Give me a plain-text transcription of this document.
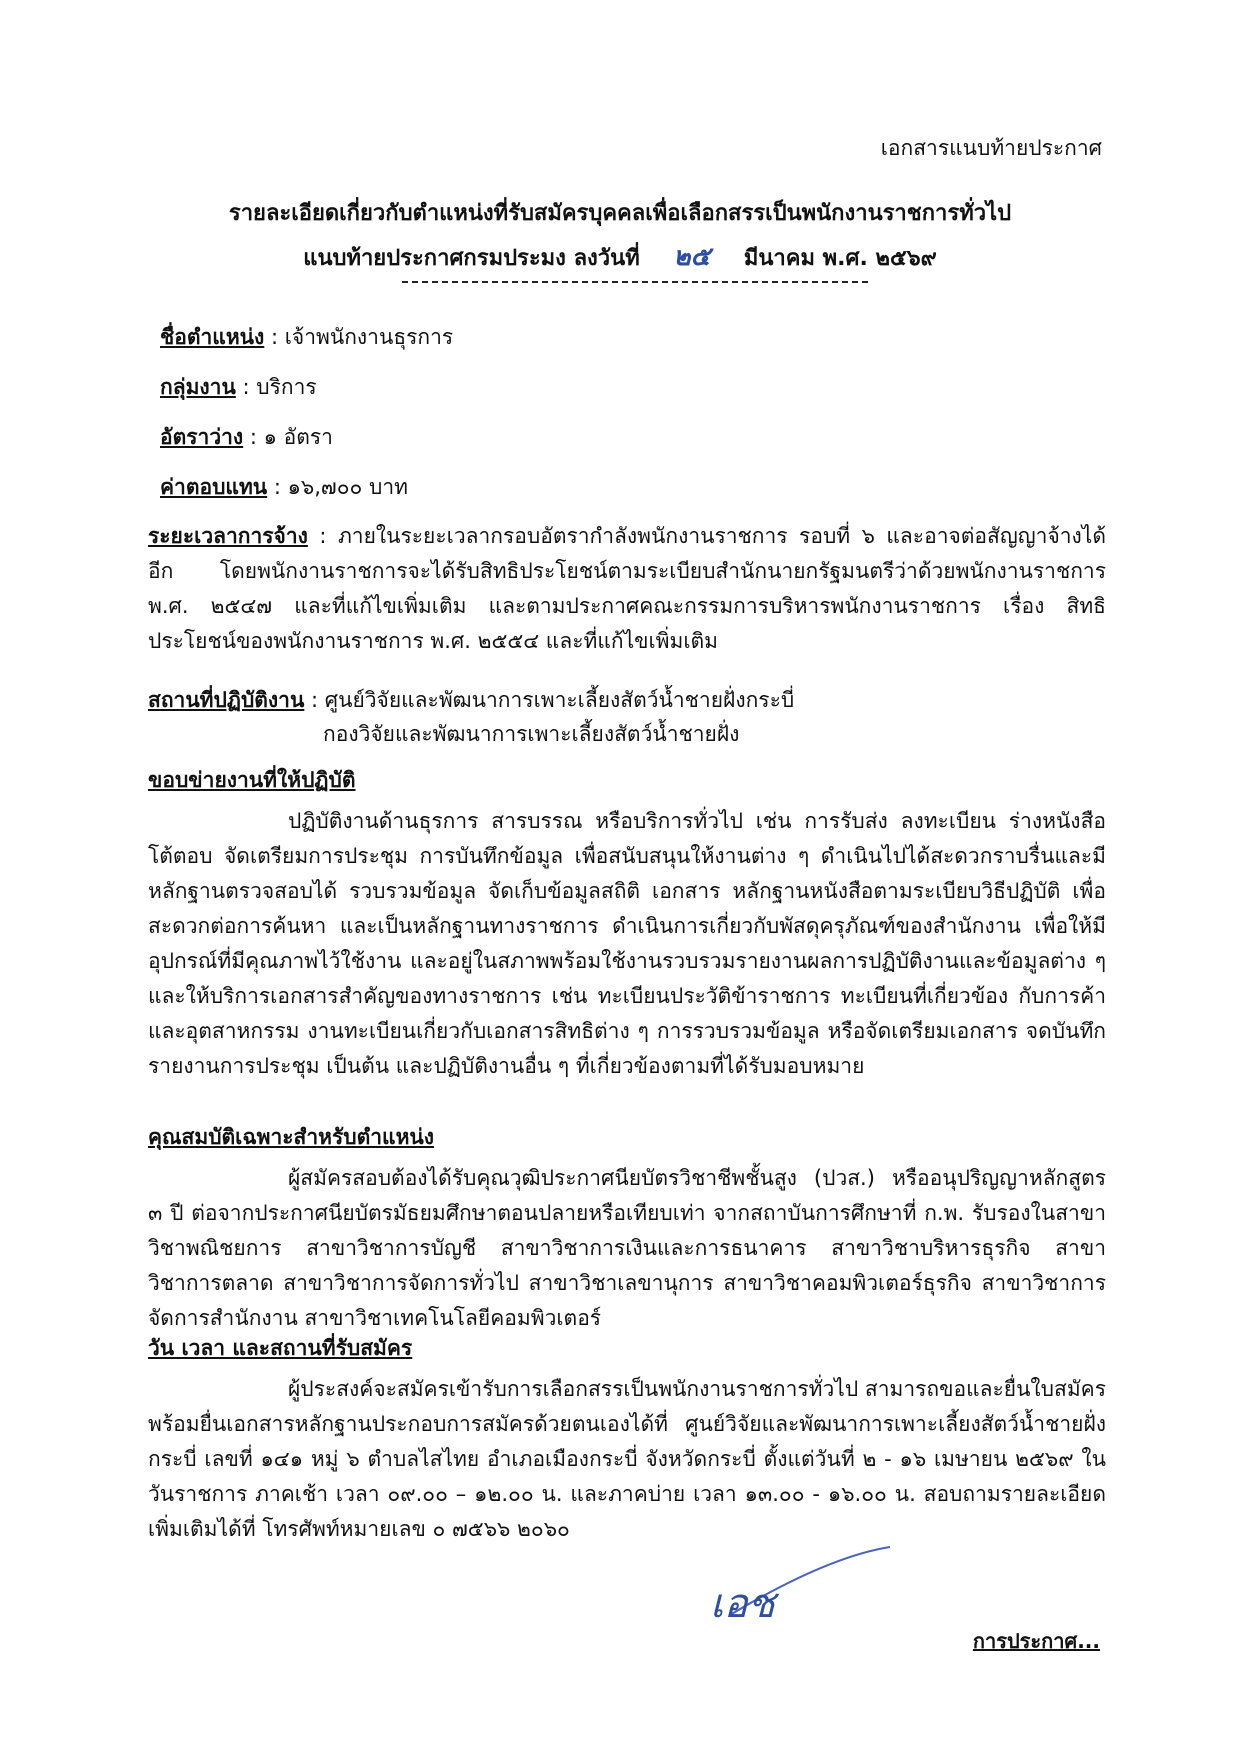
เอกสารแนบท้ายประกาศ
รายละเอียดเกี่ยวกับตำแหน่งที่รับสมัครบุคคลเพื่อเลือกสรรเป็นพนักงานราชการทั่วไป
แนบท้ายประกาศกรมประมง ลงวันที่ ๒๕ มีนาคม พ.ศ. ๒๕๖๙
ชื่อตำแหน่ง : เจ้าพนักงานธุรการ
กลุ่มงาน : บริการ
อัตราว่าง : ๑ อัตรา
ค่าตอบแทน : ๑๖,๗๐๐ บาท
ระยะเวลาการจ้าง : ภายในระยะเวลากรอบอัตรากำลังพนักงานราชการ รอบที่ ๖ และอาจต่อสัญญาจ้างได้อีก โดยพนักงานราชการจะได้รับสิทธิประโยชน์ตามระเบียบสำนักนายกรัฐมนตรีว่าด้วยพนักงานราชการ พ.ศ. ๒๕๔๗ และที่แก้ไขเพิ่มเติม และตามประกาศคณะกรรมการบริหารพนักงานราชการ เรื่อง สิทธิประโยชน์ของพนักงานราชการ พ.ศ. ๒๕๕๔ และที่แก้ไขเพิ่มเติม
สถานที่ปฏิบัติงาน : ศูนย์วิจัยและพัฒนาการเพาะเลี้ยงสัตว์น้ำชายฝั่งกระบี่
กองวิจัยและพัฒนาการเพาะเลี้ยงสัตว์น้ำชายฝั่ง
ขอบข่ายงานที่ให้ปฏิบัติ
ปฏิบัติงานด้านธุรการ สารบรรณ หรือบริการทั่วไป เช่น การรับส่ง ลงทะเบียน ร่างหนังสือโต้ตอบ จัดเตรียมการประชุม การบันทึกข้อมูล เพื่อสนับสนุนให้งานต่าง ๆ ดำเนินไปได้สะดวกราบรื่นและมีหลักฐานตรวจสอบได้ รวบรวมข้อมูล จัดเก็บข้อมูลสถิติ เอกสาร หลักฐานหนังสือตามระเบียบวิธีปฏิบัติ เพื่อสะดวกต่อการค้นหา และเป็นหลักฐานทางราชการ ดำเนินการเกี่ยวกับพัสดุครุภัณฑ์ของสำนักงาน เพื่อให้มีอุปกรณ์ที่มีคุณภาพไว้ใช้งาน และอยู่ในสภาพพร้อมใช้งานรวบรวมรายงานผลการปฏิบัติงานและข้อมูลต่าง ๆ และให้บริการเอกสารสำคัญของทางราชการ เช่น ทะเบียนประวัติข้าราชการ ทะเบียนที่เกี่ยวข้อง กับการค้าและอุตสาหกรรม งานทะเบียนเกี่ยวกับเอกสารสิทธิต่าง ๆ การรวบรวมข้อมูล หรือจัดเตรียมเอกสาร จดบันทึก รายงานการประชุม เป็นต้น และปฏิบัติงานอื่น ๆ ที่เกี่ยวข้องตามที่ได้รับมอบหมาย
คุณสมบัติเฉพาะสำหรับตำแหน่ง
ผู้สมัครสอบต้องได้รับคุณวุฒิประกาศนียบัตรวิชาชีพชั้นสูง (ปวส.) หรืออนุปริญญาหลักสูตร ๓ ปี ต่อจากประกาศนียบัตรมัธยมศึกษาตอนปลายหรือเทียบเท่า จากสถาบันการศึกษาที่ ก.พ. รับรองในสาขาวิชาพณิชยการ สาขาวิชาการบัญชี สาขาวิชาการเงินและการธนาคาร สาขาวิชาบริหารธุรกิจ สาขาวิชาการตลาด สาขาวิชาการจัดการทั่วไป สาขาวิชาเลขานุการ สาขาวิชาคอมพิวเตอร์ธุรกิจ สาขาวิชาการจัดการสำนักงาน สาขาวิชาเทคโนโลยีคอมพิวเตอร์
วัน เวลา และสถานที่รับสมัคร
ผู้ประสงค์จะสมัครเข้ารับการเลือกสรรเป็นพนักงานราชการทั่วไป สามารถขอและยื่นใบสมัคร พร้อมยื่นเอกสารหลักฐานประกอบการสมัครด้วยตนเองได้ที่ ศูนย์วิจัยและพัฒนาการเพาะเลี้ยงสัตว์น้ำชายฝั่งกระบี่ เลขที่ ๑๔๑ หมู่ ๖ ตำบลไสไทย อำเภอเมืองกระบี่ จังหวัดกระบี่ ตั้งแต่วันที่ ๒ - ๑๖ เมษายน ๒๕๖๙ ในวันราชการ ภาคเช้า เวลา ๐๙.๐๐ – ๑๒.๐๐ น. และภาคบ่าย เวลา ๑๓.๐๐ - ๑๖.๐๐ น. สอบถามรายละเอียดเพิ่มเติมได้ที่ โทรศัพท์หมายเลข ๐ ๗๕๖๖ ๒๐๖๐
เอช
การประกาศ...
